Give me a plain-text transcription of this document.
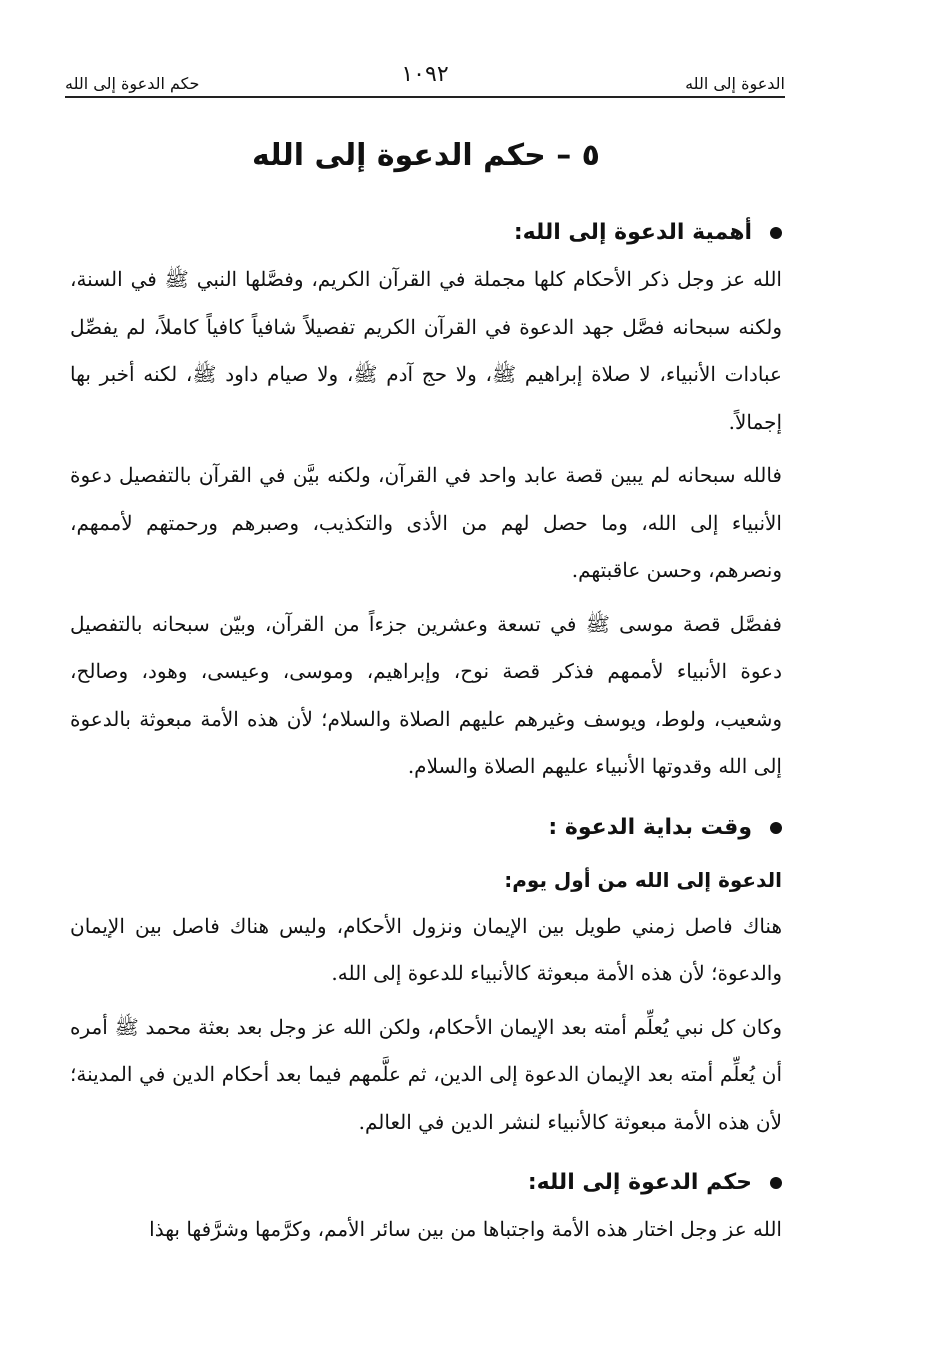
الدعوة إلى الله
١٠٩٢
حكم الدعوة إلى الله
٥ – حكم الدعوة إلى الله
أهمية الدعوة إلى الله:

الله عز وجل ذكر الأحكام كلها مجملة في القرآن الكريم، وفصَّلها النبي ﷺ في السنة، ولكنه سبحانه فصَّل جهد الدعوة في القرآن الكريم تفصيلاً شافياً كافياً كاملاً، لم يفصِّل عبادات الأنبياء، لا صلاة إبراهيم ﷺ، ولا حج آدم ﷺ، ولا صيام داود ﷺ، لكنه أخبر بها إجمالاً.

فالله سبحانه لم يبين قصة عابد واحد في القرآن، ولكنه بيَّن في القرآن بالتفصيل دعوة الأنبياء إلى الله، وما حصل لهم من الأذى والتكذيب، وصبرهم ورحمتهم لأممهم، ونصرهم، وحسن عاقبتهم.

ففصَّل قصة موسى ﷺ في تسعة وعشرين جزءاً من القرآن، وبيّن سبحانه بالتفصيل دعوة الأنبياء لأممهم فذكر قصة نوح، وإبراهيم، وموسى، وعيسى، وهود، وصالح، وشعيب، ولوط، ويوسف وغيرهم عليهم الصلاة والسلام؛ لأن هذه الأمة مبعوثة بالدعوة إلى الله وقدوتها الأنبياء عليهم الصلاة والسلام.

وقت بداية الدعوة :
الدعوة إلى الله من أول يوم:

هناك فاصل زمني طويل بين الإيمان ونزول الأحكام، وليس هناك فاصل بين الإيمان والدعوة؛ لأن هذه الأمة مبعوثة كالأنبياء للدعوة إلى الله.

وكان كل نبي يُعلِّم أمته بعد الإيمان الأحكام، ولكن الله عز وجل بعد بعثة محمد ﷺ أمره أن يُعلِّم أمته بعد الإيمان الدعوة إلى الدين، ثم علَّمهم فيما بعد أحكام الدين في المدينة؛ لأن هذه الأمة مبعوثة كالأنبياء لنشر الدين في العالم.

حكم الدعوة إلى الله:

الله عز وجل اختار هذه الأمة واجتباها من بين سائر الأمم، وكرَّمها وشرَّفها بهذا
